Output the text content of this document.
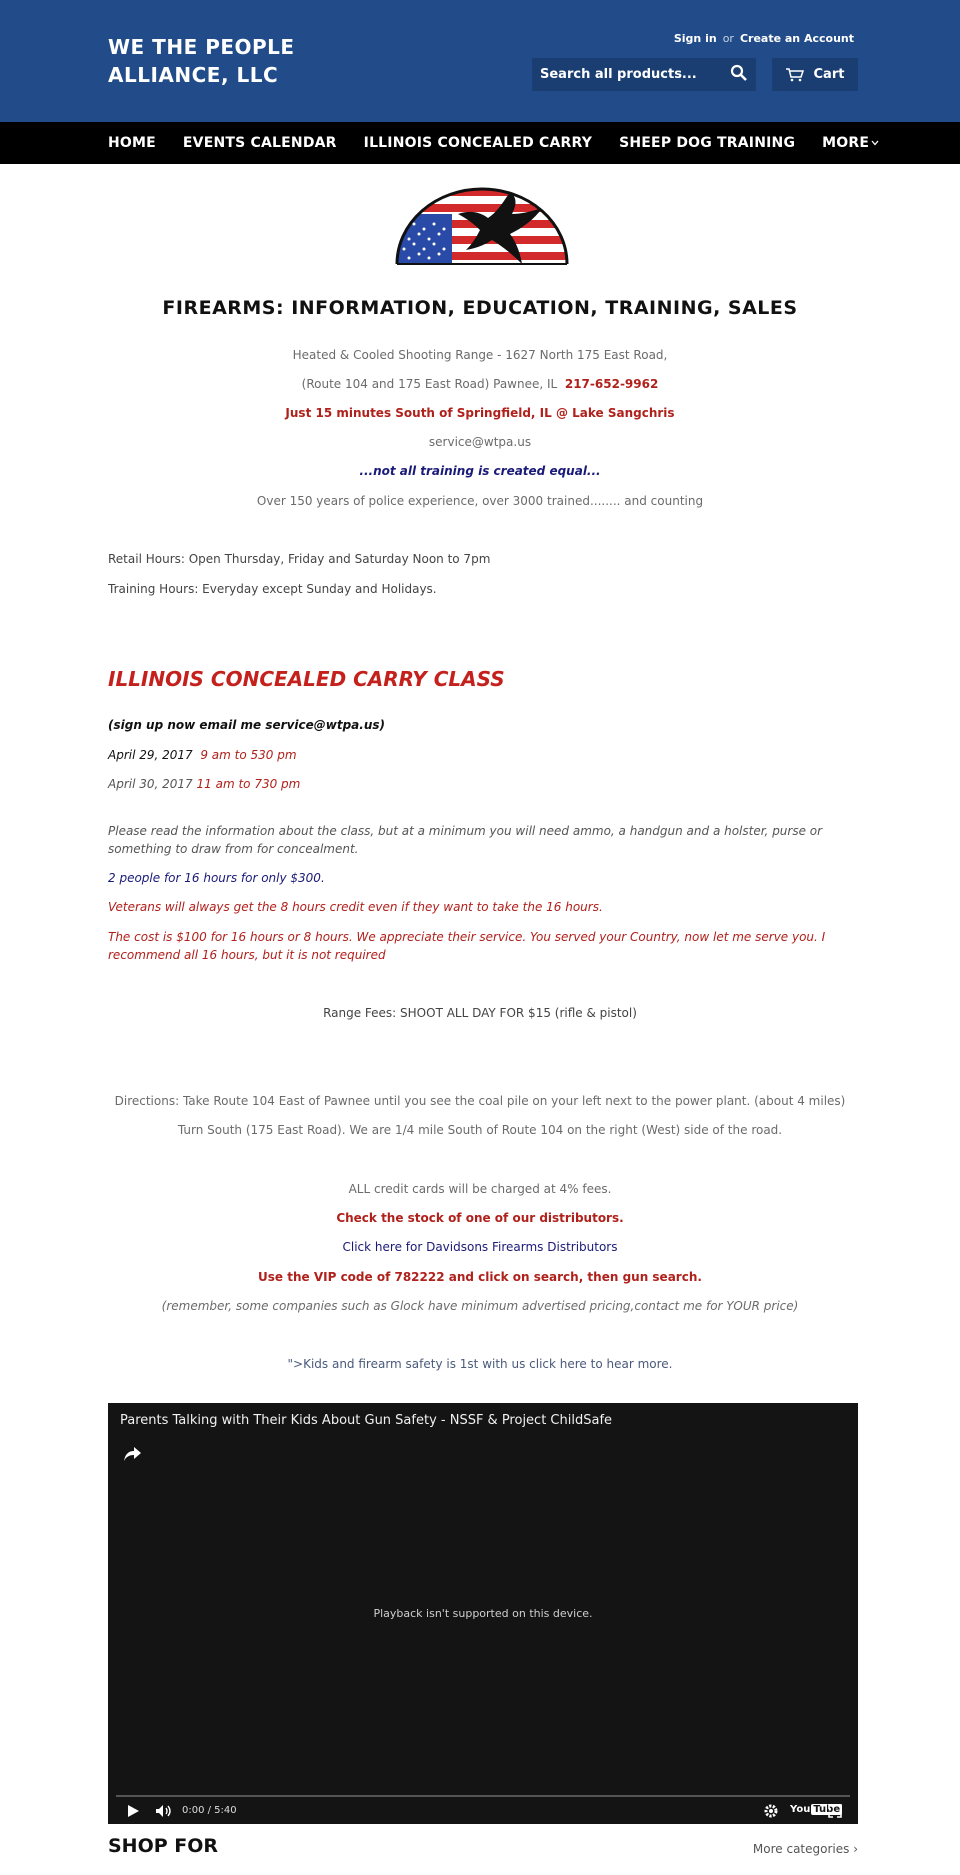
WE THE PEOPLE ALLIANCE, LLC
Sign in or Create an Account
Search all products...
Cart
HOME EVENTS CALENDAR ILLINOIS CONCEALED CARRY SHEEP DOG TRAINING MORE
FIREARMS: INFORMATION, EDUCATION, TRAINING, SALES
Heated & Cooled Shooting Range - 1627 North 175 East Road,
(Route 104 and 175 East Road) Pawnee, IL 217-652-9962
Just 15 minutes South of Springfield, IL @ Lake Sangchris
service@wtpa.us
...not all training is created equal...
Over 150 years of police experience, over 3000 trained........ and counting
Retail Hours: Open Thursday, Friday and Saturday Noon to 7pm
Training Hours: Everyday except Sunday and Holidays.
ILLINOIS CONCEALED CARRY CLASS
(sign up now email me service@wtpa.us)
April 29, 2017 9 am to 530 pm
April 30, 2017 11 am to 730 pm
Please read the information about the class, but at a minimum you will need ammo, a handgun and a holster, purse or something to draw from for concealment.
2 people for 16 hours for only $300.
Veterans will always get the 8 hours credit even if they want to take the 16 hours.
The cost is $100 for 16 hours or 8 hours. We appreciate their service. You served your Country, now let me serve you. I recommend all 16 hours, but it is not required
Range Fees: SHOOT ALL DAY FOR $15 (rifle & pistol)
Directions: Take Route 104 East of Pawnee until you see the coal pile on your left next to the power plant. (about 4 miles)
Turn South (175 East Road). We are 1/4 mile South of Route 104 on the right (West) side of the road.
ALL credit cards will be charged at 4% fees.
Check the stock of one of our distributors.
Click here for Davidsons Firearms Distributors
Use the VIP code of 782222 and click on search, then gun search.
(remember, some companies such as Glock have minimum advertised pricing,contact me for YOUR price)
">Kids and firearm safety is 1st with us click here to hear more.
Parents Talking with Their Kids About Gun Safety - NSSF & Project ChildSafe
Playback isn't supported on this device.
0:00 / 5:40	You Tube
SHOP FOR	More categories ›
